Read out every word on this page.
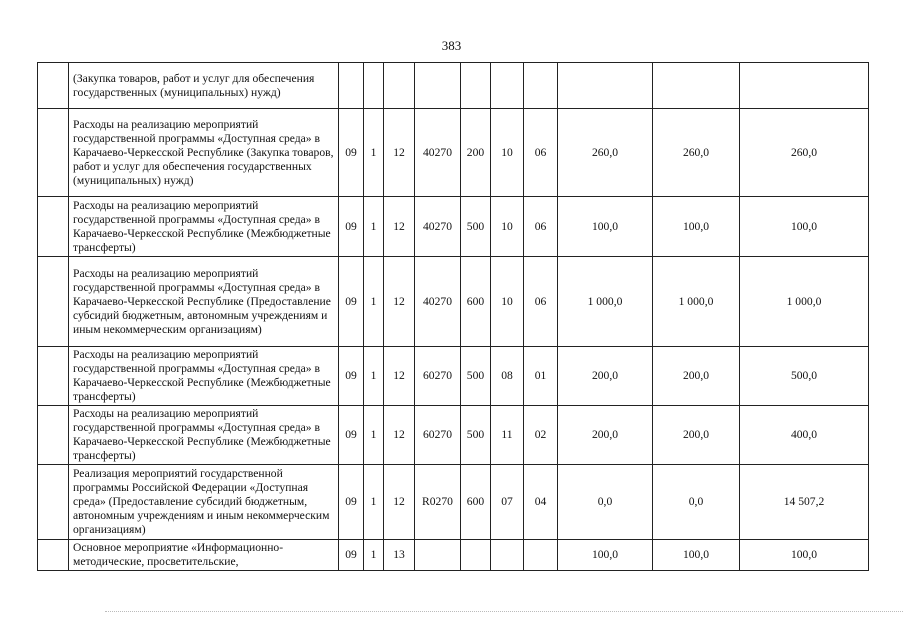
383
	(Закупка товаров, работ и услуг для обеспечения государственных (муниципальных) нужд)										
	Расходы на реализацию мероприятий государственной программы «Доступная среда» в Карачаево-Черкесской Республике (Закупка товаров, работ и услуг для обеспечения государственных (муниципальных) нужд)	09	1	12	40270	200	10	06	260,0	260,0	260,0
	Расходы на реализацию мероприятий государственной программы «Доступная среда» в Карачаево-Черкесской Республике (Межбюджетные трансферты)	09	1	12	40270	500	10	06	100,0	100,0	100,0
	Расходы на реализацию мероприятий государственной программы «Доступная среда» в Карачаево-Черкесской Республике (Предоставление субсидий бюджетным, автономным учреждениям и иным некоммерческим организациям)	09	1	12	40270	600	10	06	1 000,0	1 000,0	1 000,0
	Расходы на реализацию мероприятий государственной программы «Доступная среда» в Карачаево-Черкесской Республике (Межбюджетные трансферты)	09	1	12	60270	500	08	01	200,0	200,0	500,0
	Расходы на реализацию мероприятий государственной программы «Доступная среда» в Карачаево-Черкесской Республике (Межбюджетные трансферты)	09	1	12	60270	500	11	02	200,0	200,0	400,0
	Реализация мероприятий государственной программы Российской Федерации «Доступная среда» (Предоставление субсидий бюджетным, автономным учреждениям и иным некоммерческим организациям)	09	1	12	R0270	600	07	04	0,0	0,0	14 507,2
	Основное мероприятие «Информационно-методические, просветительские,	09	1	13					100,0	100,0	100,0
